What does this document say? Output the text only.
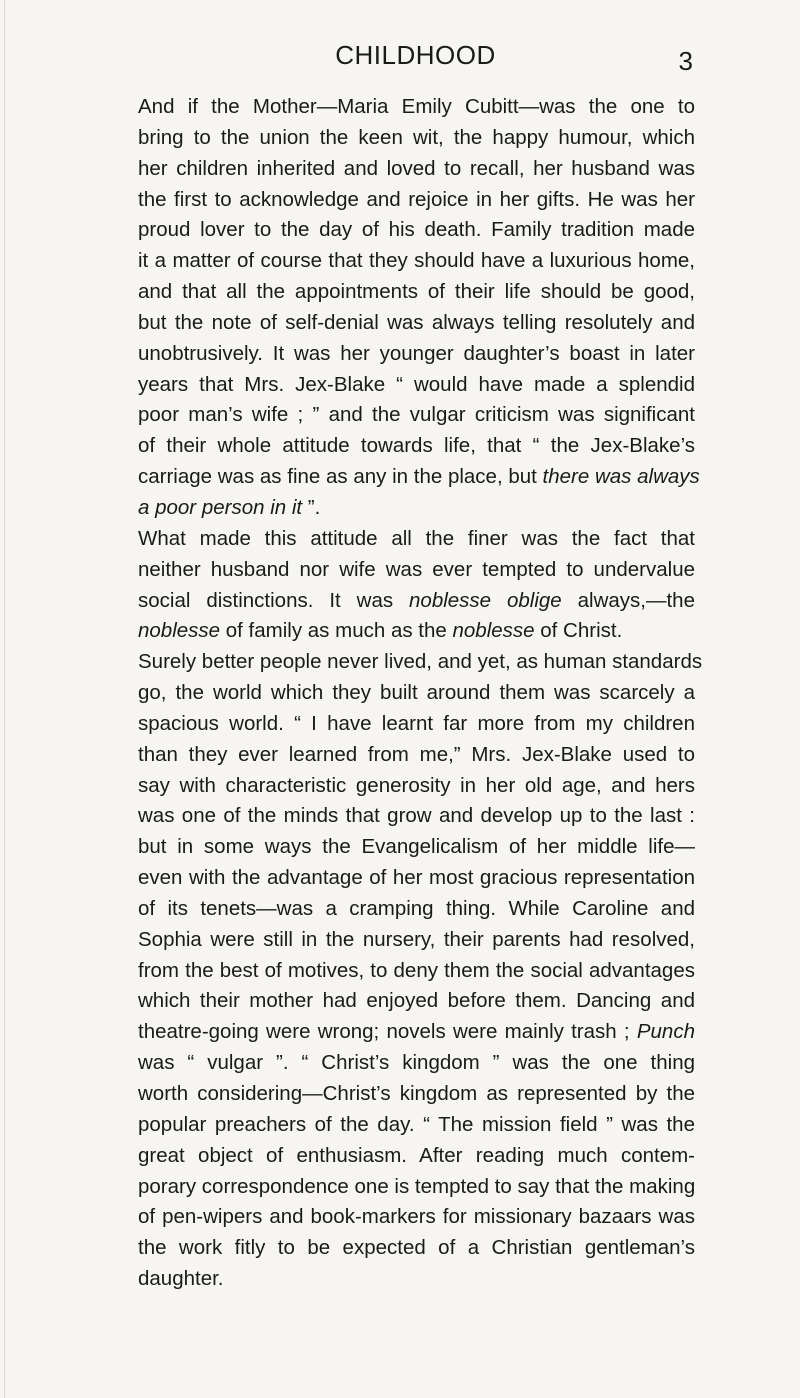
CHILDHOOD	3
And if the Mother—Maria Emily Cubitt—was the one to
bring to the union the keen wit, the happy humour, which
her children inherited and loved to recall, her husband was
the first to acknowledge and rejoice in her gifts. He was her
proud lover to the day of his death. Family tradition made
it a matter of course that they should have a luxurious home,
and that all the appointments of their life should be good,
but the note of self-denial was always telling resolutely and
unobtrusively. It was her younger daughter’s boast in later
years that Mrs. Jex-Blake “ would have made a splendid
poor man’s wife ; ” and the vulgar criticism was significant
of their whole attitude towards life, that “ the Jex-Blake’s
carriage was as fine as any in the place, but there was always
a poor person in it ”.
What made this attitude all the finer was the fact that
neither husband nor wife was ever tempted to undervalue
social distinctions. It was noblesse oblige always,—the
noblesse of family as much as the noblesse of Christ.
Surely better people never lived, and yet, as human standards
go, the world which they built around them was scarcely a
spacious world. “ I have learnt far more from my children
than they ever learned from me,” Mrs. Jex-Blake used to
say with characteristic generosity in her old age, and hers
was one of the minds that grow and develop up to the last :
but in some ways the Evangelicalism of her middle life—
even with the advantage of her most gracious representation
of its tenets—was a cramping thing. While Caroline and
Sophia were still in the nursery, their parents had resolved,
from the best of motives, to deny them the social advantages
which their mother had enjoyed before them. Dancing and
theatre-going were wrong; novels were mainly trash ; Punch
was “ vulgar ”. “ Christ’s kingdom ” was the one thing
worth considering—Christ’s kingdom as represented by the
popular preachers of the day. “ The mission field ” was the
great object of enthusiasm. After reading much contem-
porary correspondence one is tempted to say that the making
of pen-wipers and book-markers for missionary bazaars was
the work fitly to be expected of a Christian gentleman’s
daughter.
